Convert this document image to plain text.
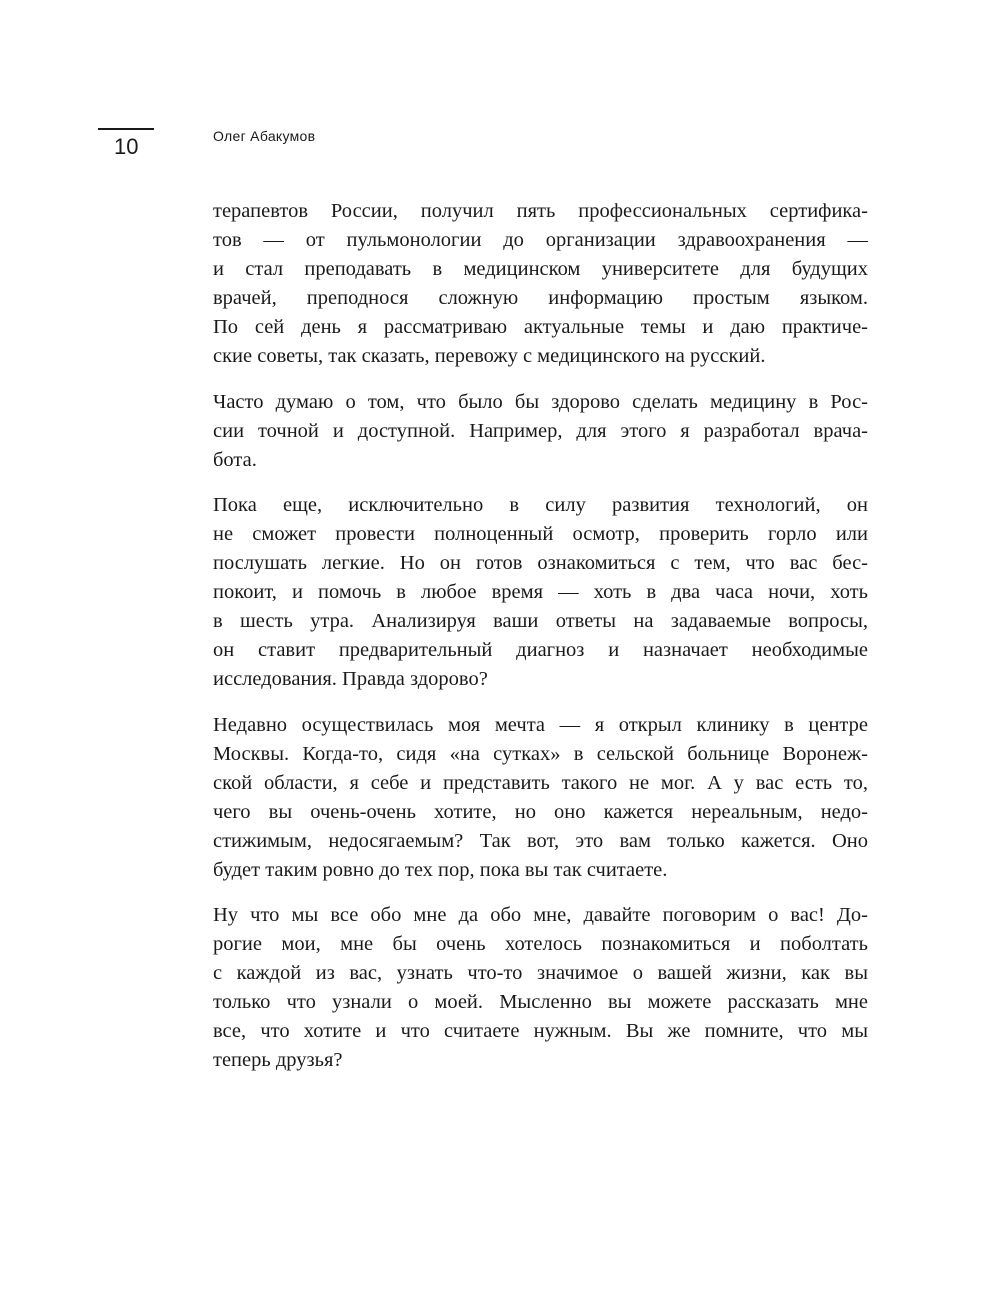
10	Олег Абакумов
терапевтов России, получил пять профессиональных сертифика-
тов — от пульмонологии до организации здравоохранения —
и стал преподавать в медицинском университете для будущих
врачей, преподнося сложную информацию простым языком.
По сей день я рассматриваю актуальные темы и даю практиче-
ские советы, так сказать, перевожу с медицинского на русский.
Часто думаю о том, что было бы здорово сделать медицину в Рос-
сии точной и доступной. Например, для этого я разработал врача-
бота.
Пока еще, исключительно в силу развития технологий, он
не сможет провести полноценный осмотр, проверить горло или
послушать легкие. Но он готов ознакомиться с тем, что вас бес-
покоит, и помочь в любое время — хоть в два часа ночи, хоть
в шесть утра. Анализируя ваши ответы на задаваемые вопросы,
он ставит предварительный диагноз и назначает необходимые
исследования. Правда здорово?
Недавно осуществилась моя мечта — я открыл клинику в центре
Москвы. Когда-то, сидя «на сутках» в сельской больнице Воронеж-
ской области, я себе и представить такого не мог. А у вас есть то,
чего вы очень-очень хотите, но оно кажется нереальным, недо-
стижимым, недосягаемым? Так вот, это вам только кажется. Оно
будет таким ровно до тех пор, пока вы так считаете.
Ну что мы все обо мне да обо мне, давайте поговорим о вас! До-
рогие мои, мне бы очень хотелось познакомиться и поболтать
с каждой из вас, узнать что-то значимое о вашей жизни, как вы
только что узнали о моей. Мысленно вы можете рассказать мне
все, что хотите и что считаете нужным. Вы же помните, что мы
теперь друзья?
